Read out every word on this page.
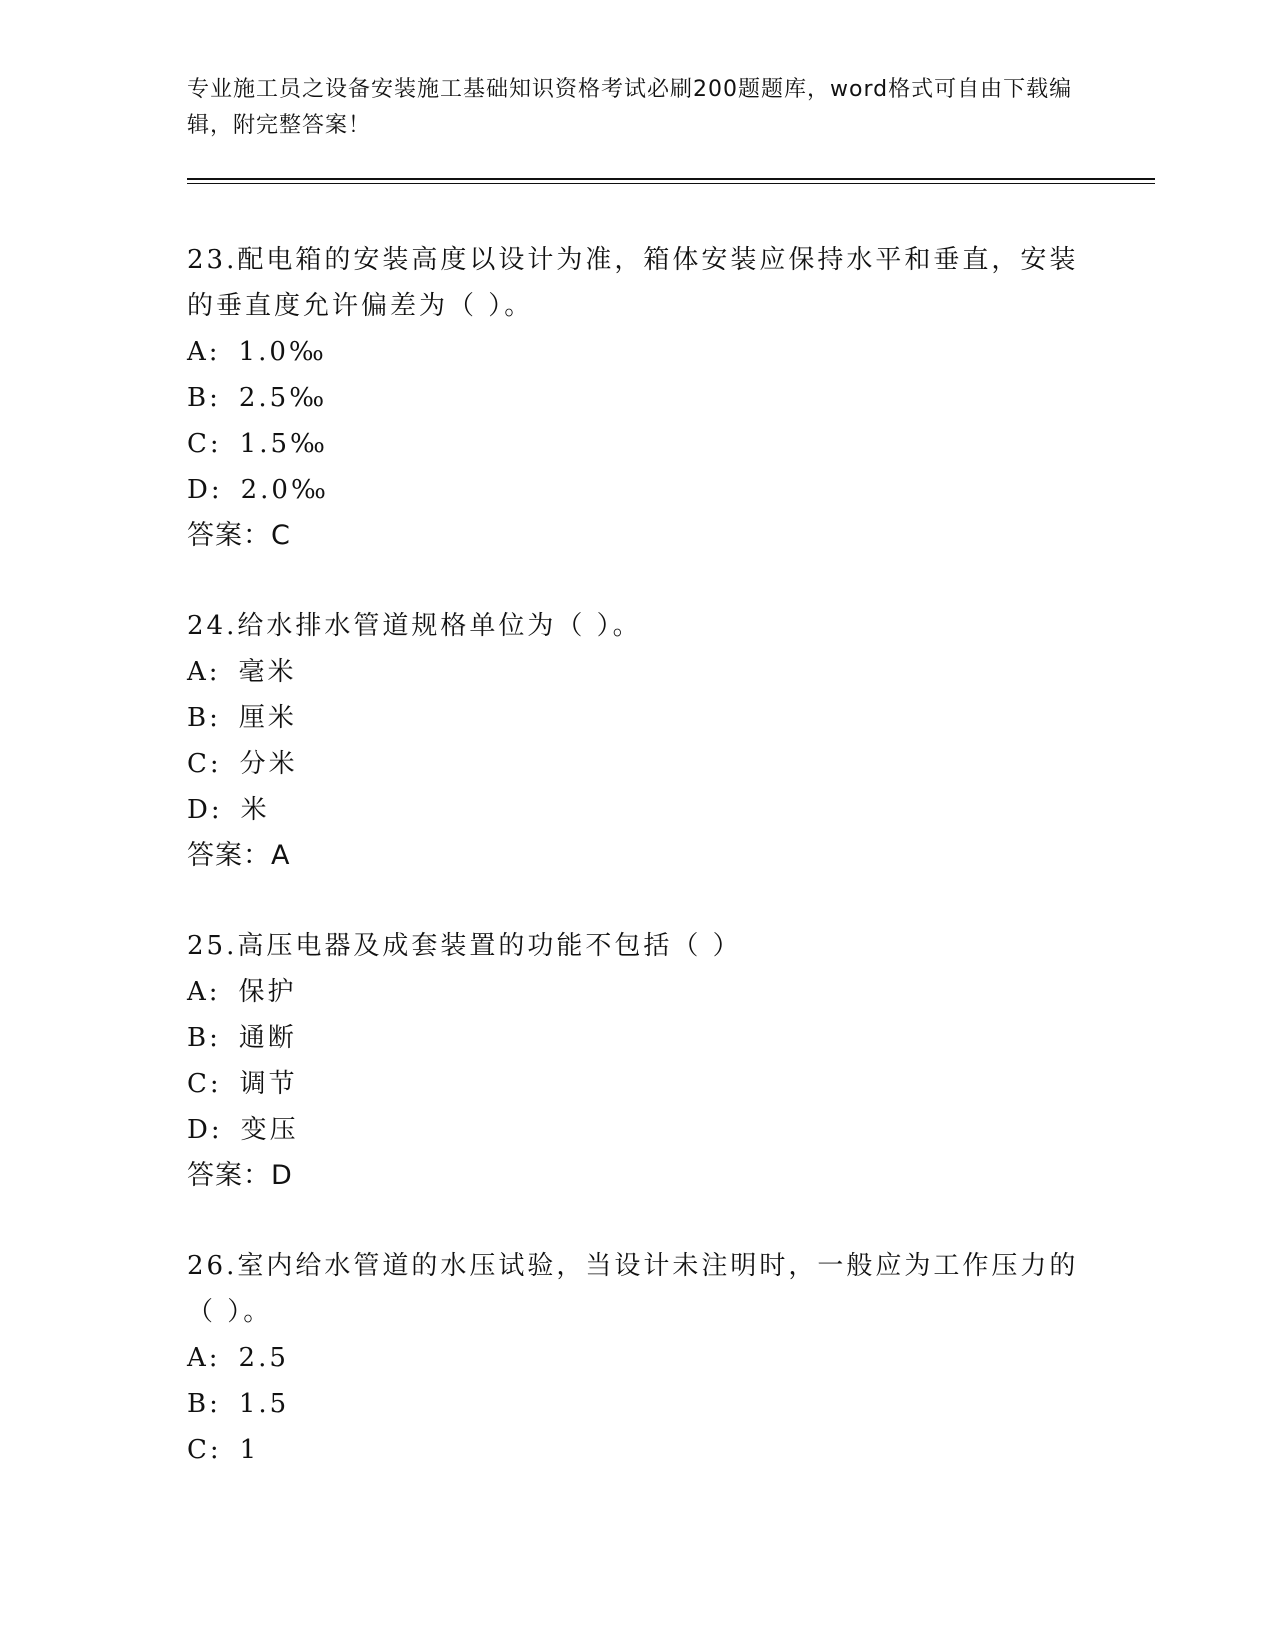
专业施工员之设备安装施工基础知识资格考试必刷200题题库，word格式可自由下载编辑，附完整答案！

23.配电箱的安装高度以设计为准，箱体安装应保持水平和垂直，安装的垂直度允许偏差为（ ）。

A: 1.0‰

B: 2.5‰

C: 1.5‰

D: 2.0‰

答案：C

24.给水排水管道规格单位为（ ）。

A: 毫米

B: 厘米

C: 分米

D: 米

答案：A

25.高压电器及成套装置的功能不包括（ ）

A: 保护

B: 通断

C: 调节

D: 变压

答案：D

26.室内给水管道的水压试验，当设计未注明时，一般应为工作压力的（ ）。

A: 2.5

B: 1.5

C: 1
